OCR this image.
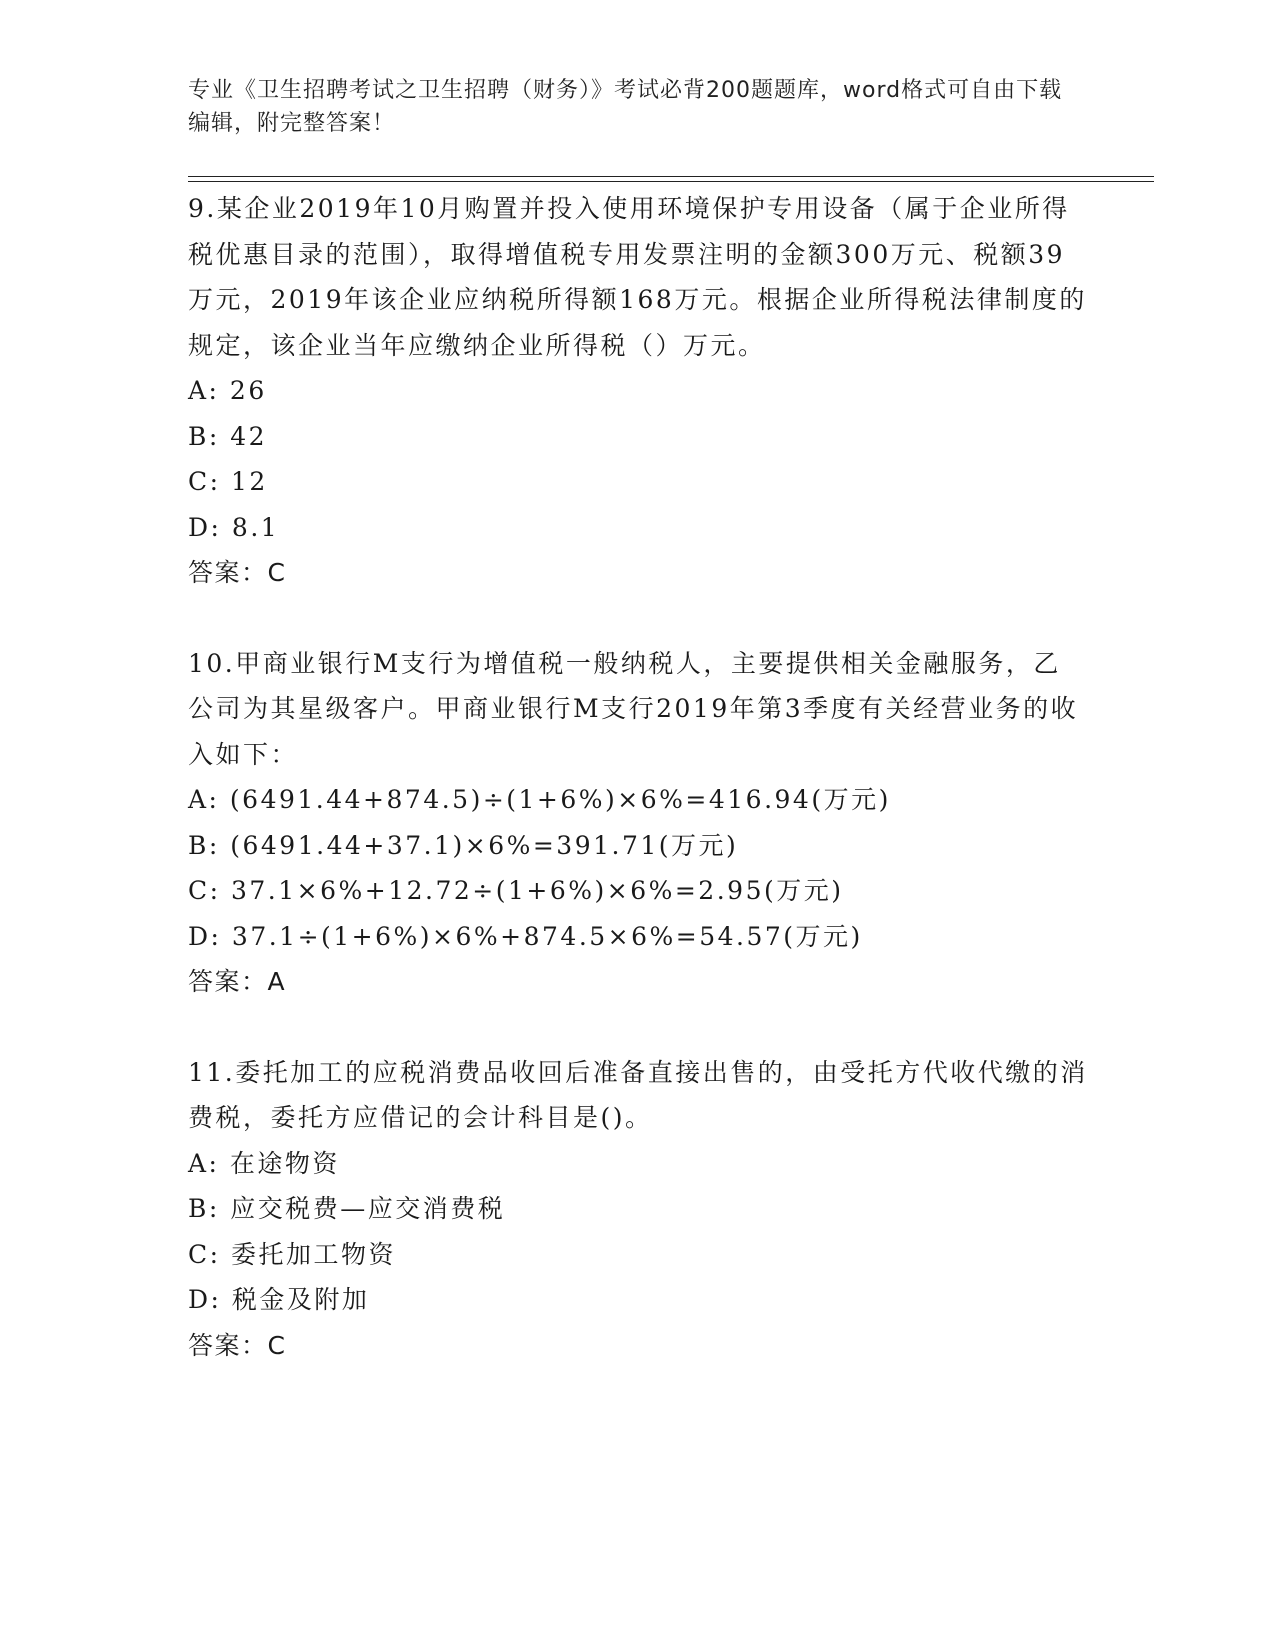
专业《卫生招聘考试之卫生招聘（财务）》考试必背200题题库，word格式可自由下载编辑，附完整答案！

9.某企业2019年10月购置并投入使用环境保护专用设备（属于企业所得税优惠目录的范围），取得增值税专用发票注明的金额300万元、税额39万元，2019年该企业应纳税所得额168万元。根据企业所得税法律制度的规定，该企业当年应缴纳企业所得税（）万元。

A: 26
B: 42
C: 12
D: 8.1
答案：C

10.甲商业银行M支行为增值税一般纳税人，主要提供相关金融服务，乙公司为其星级客户。甲商业银行M支行2019年第3季度有关经营业务的收入如下：

A: (6491.44+874.5)÷(1+6%)×6%=416.94(万元)
B: (6491.44+37.1)×6%=391.71(万元)
C: 37.1×6%+12.72÷(1+6%)×6%=2.95(万元)
D: 37.1÷(1+6%)×6%+874.5×6%=54.57(万元)
答案：A

11.委托加工的应税消费品收回后准备直接出售的，由受托方代收代缴的消费税，委托方应借记的会计科目是()。

A: 在途物资
B: 应交税费—应交消费税
C: 委托加工物资
D: 税金及附加
答案：C
